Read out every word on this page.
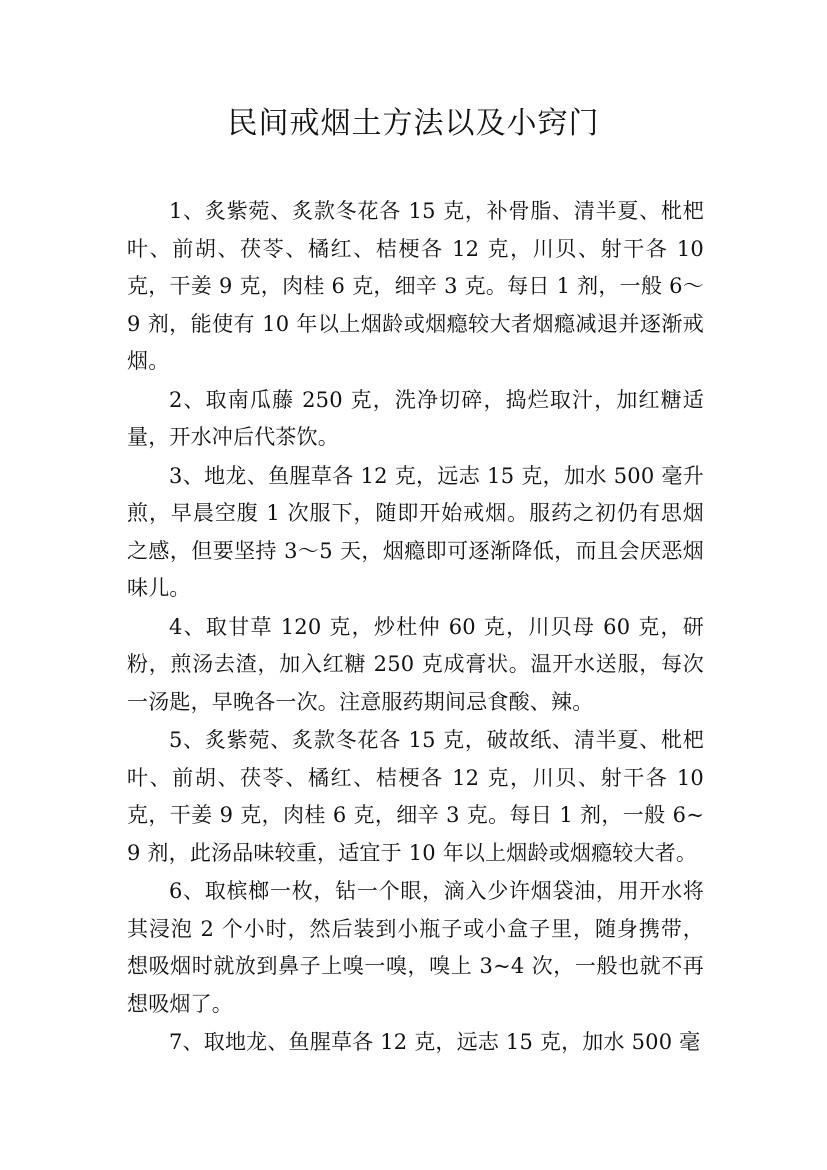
民间戒烟土方法以及小窍门

1、炙紫菀、炙款冬花各 15 克，补骨脂、清半夏、枇杷叶、前胡、茯苓、橘红、桔梗各 12 克，川贝、射干各 10 克，干姜 9 克，肉桂 6 克，细辛 3 克。每日 1 剂，一般 6～9 剂，能使有 10 年以上烟龄或烟瘾较大者烟瘾减退并逐渐戒烟。

2、取南瓜藤 250 克，洗净切碎，捣烂取汁，加红糖适量，开水冲后代茶饮。

3、地龙、鱼腥草各 12 克，远志 15 克，加水 500 毫升煎，早晨空腹 1 次服下，随即开始戒烟。服药之初仍有思烟之感，但要坚持 3～5 天，烟瘾即可逐渐降低，而且会厌恶烟味儿。

4、取甘草 120 克，炒杜仲 60 克，川贝母 60 克，研粉，煎汤去渣，加入红糖 250 克成膏状。温开水送服，每次一汤匙，早晚各一次。注意服药期间忌食酸、辣。

5、炙紫菀、炙款冬花各 15 克，破故纸、清半夏、枇杷叶、前胡、茯苓、橘红、桔梗各 12 克，川贝、射干各 10 克，干姜 9 克，肉桂 6 克，细辛 3 克。每日 1 剂，一般 6~9 剂，此汤品味较重，适宜于 10 年以上烟龄或烟瘾较大者。

6、取槟榔一枚，钻一个眼，滴入少许烟袋油，用开水将其浸泡 2 个小时，然后装到小瓶子或小盒子里，随身携带，想吸烟时就放到鼻子上嗅一嗅，嗅上 3~4 次，一般也就不再想吸烟了。

7、取地龙、鱼腥草各 12 克，远志 15 克，加水 500 毫
